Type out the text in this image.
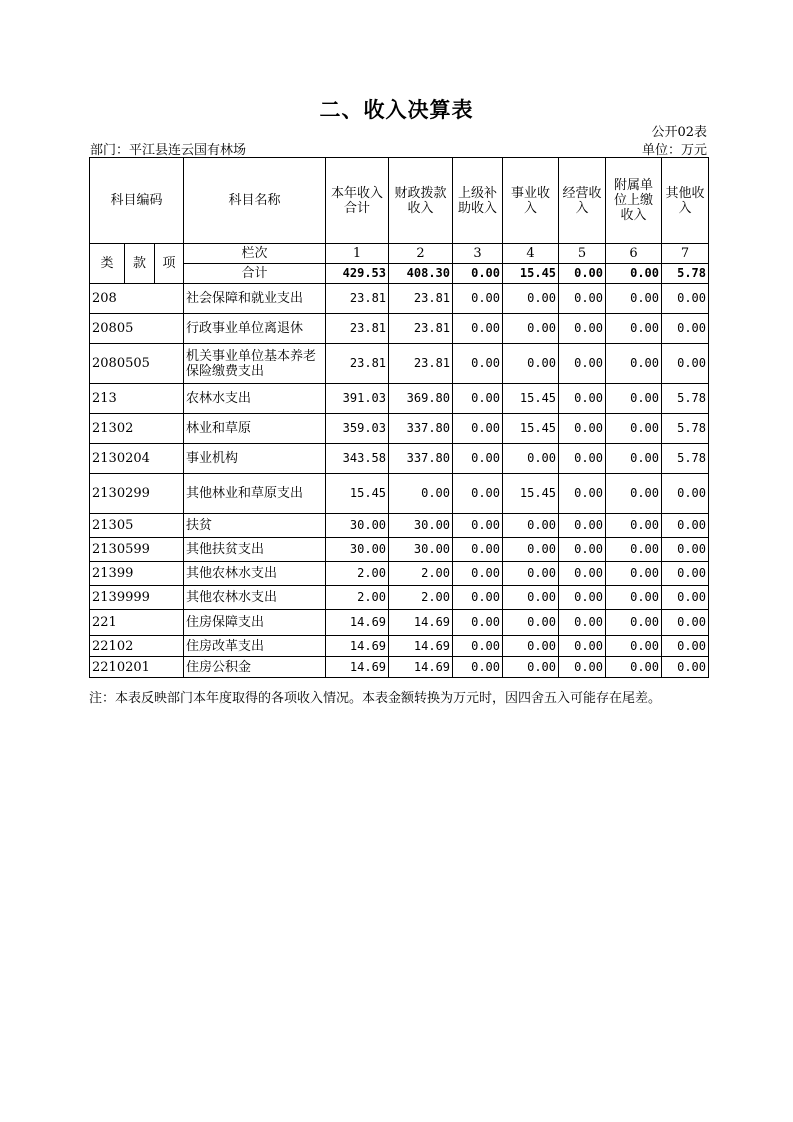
二、收入决算表
公开02表
部门：平江县连云国有林场	单位：万元
科目编码			科目名称	本年收入合计	财政拨款收入	上级补助收入	事业收入	经营收入	附属单位上缴收入	其他收入
类	款	项	栏次	1	2	3	4	5	6	7
			合计	429.53	408.30	0.00	15.45	0.00	0.00	5.78
208			社会保障和就业支出	23.81	23.81	0.00	0.00	0.00	0.00	0.00
20805			行政事业单位离退休	23.81	23.81	0.00	0.00	0.00	0.00	0.00
2080505			机关事业单位基本养老保险缴费支出	23.81	23.81	0.00	0.00	0.00	0.00	0.00
213			农林水支出	391.03	369.80	0.00	15.45	0.00	0.00	5.78
21302			林业和草原	359.03	337.80	0.00	15.45	0.00	0.00	5.78
2130204			事业机构	343.58	337.80	0.00	0.00	0.00	0.00	5.78
2130299			其他林业和草原支出	15.45	0.00	0.00	15.45	0.00	0.00	0.00
21305			扶贫	30.00	30.00	0.00	0.00	0.00	0.00	0.00
2130599			其他扶贫支出	30.00	30.00	0.00	0.00	0.00	0.00	0.00
21399			其他农林水支出	2.00	2.00	0.00	0.00	0.00	0.00	0.00
2139999			其他农林水支出	2.00	2.00	0.00	0.00	0.00	0.00	0.00
221			住房保障支出	14.69	14.69	0.00	0.00	0.00	0.00	0.00
22102			住房改革支出	14.69	14.69	0.00	0.00	0.00	0.00	0.00
2210201			住房公积金	14.69	14.69	0.00	0.00	0.00	0.00	0.00
注：本表反映部门本年度取得的各项收入情况。本表金额转换为万元时，因四舍五入可能存在尾差。
